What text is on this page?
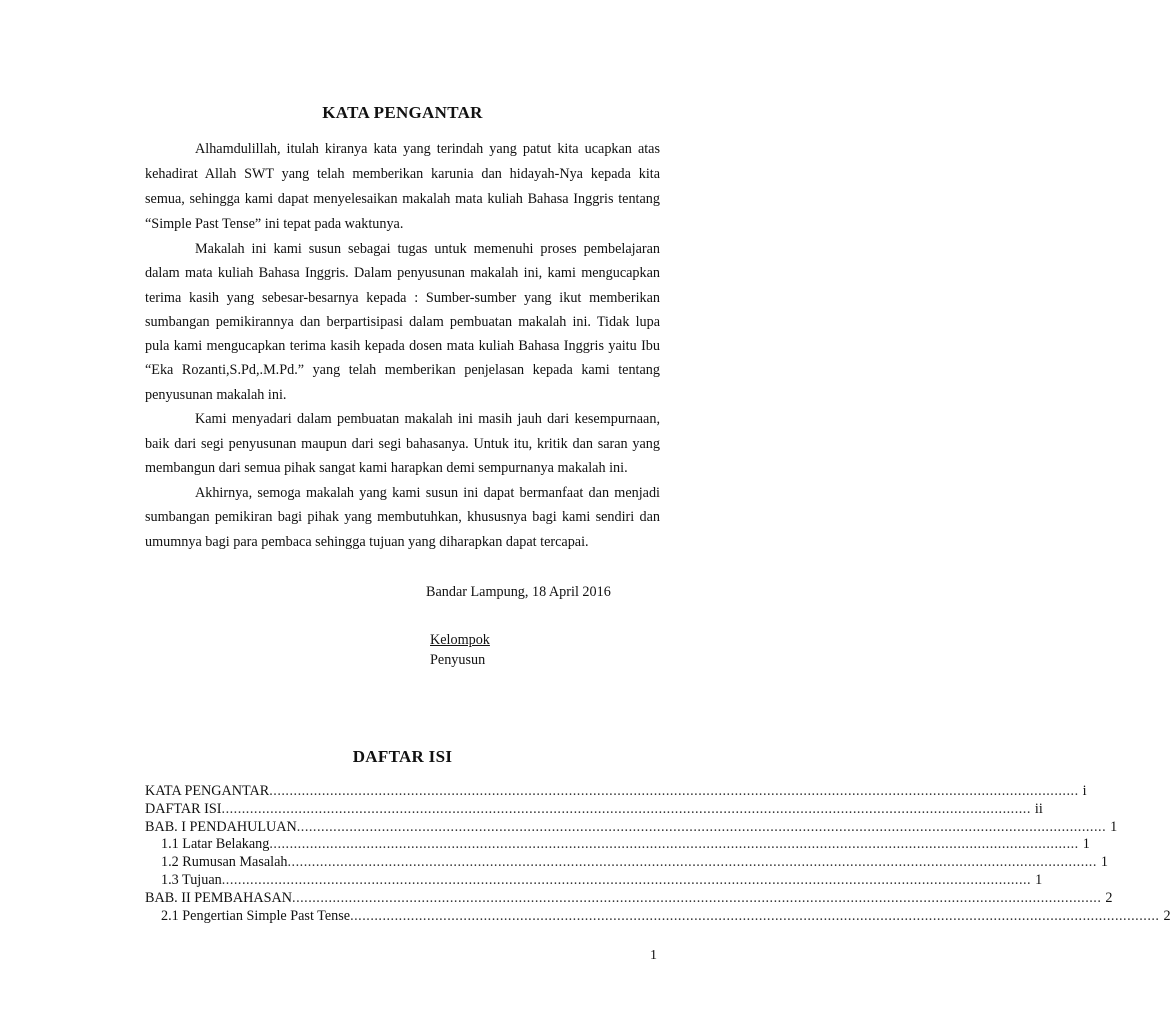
KATA PENGANTAR

Alhamdulillah, itulah kiranya kata yang terindah yang patut kita ucapkan atas kehadirat Allah SWT yang telah memberikan karunia dan hidayah-Nya kepada kita semua, sehingga kami dapat menyelesaikan makalah mata kuliah Bahasa Inggris tentang “Simple Past Tense” ini tepat pada waktunya.

Makalah ini kami susun sebagai tugas untuk memenuhi proses pembelajaran dalam mata kuliah Bahasa Inggris. Dalam penyusunan makalah ini, kami mengucapkan terima kasih yang sebesar-besarnya kepada : Sumber-sumber yang ikut memberikan sumbangan pemikirannya dan berpartisipasi dalam pembuatan makalah ini. Tidak lupa pula kami mengucapkan terima kasih kepada dosen mata kuliah Bahasa Inggris yaitu Ibu “Eka Rozanti,S.Pd,.M.Pd.” yang telah memberikan penjelasan kepada kami tentang penyusunan makalah ini.

Kami menyadari dalam pembuatan makalah ini masih jauh dari kesempurnaan, baik dari segi penyusunan maupun dari segi bahasanya. Untuk itu, kritik dan saran yang membangun dari semua pihak sangat kami harapkan demi sempurnanya makalah ini.

Akhirnya, semoga makalah yang kami susun ini dapat bermanfaat dan menjadi sumbangan pemikiran bagi pihak yang membutuhkan, khususnya bagi kami sendiri dan umumnya bagi para pembaca sehingga tujuan yang diharapkan dapat tercapai.

Bandar Lampung, 18 April 2016
Kelompok
Penyusun
DAFTAR ISI
KATA PENGANTAR ........................................................................................................................................................................................................ i
DAFTAR ISI ........................................................................................................................................................................................................ ii
BAB. I PENDAHULUAN ........................................................................................................................................................................................................ 1
1.1 Latar Belakang ........................................................................................................................................................................................................ 1
1.2 Rumusan Masalah ........................................................................................................................................................................................................ 1
1.3 Tujuan ........................................................................................................................................................................................................ 1
BAB. II PEMBAHASAN ........................................................................................................................................................................................................ 2
2.1 Pengertian Simple Past Tense ........................................................................................................................................................................................................ 2
1
